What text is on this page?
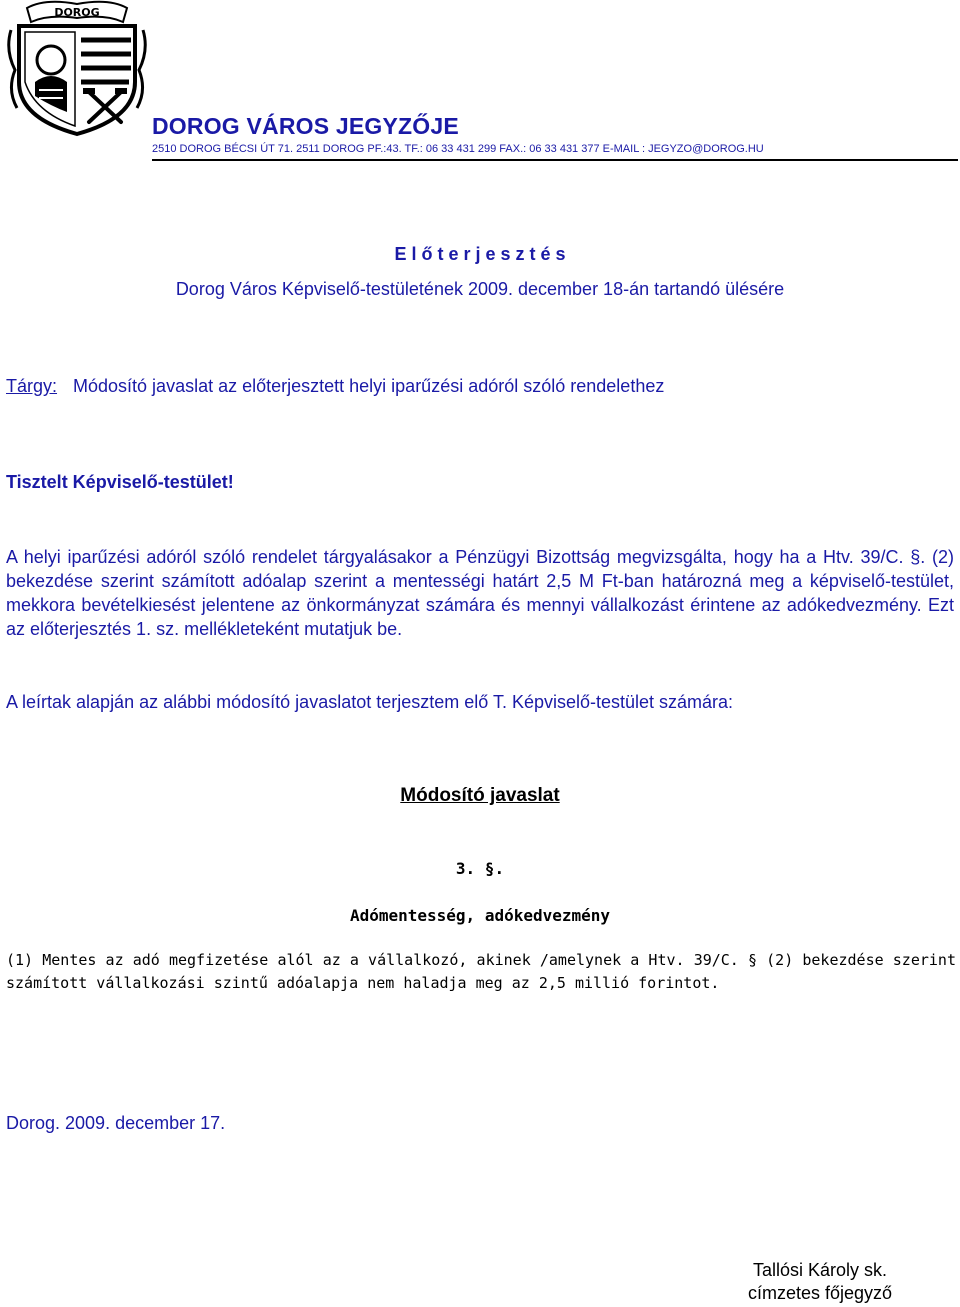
DOROG
DOROG VÁROS JEGYZŐJE
2510 DOROG BÉCSI ÚT 71. 2511 DOROG PF.:43. TF.: 06 33 431 299 FAX.: 06 33 431 377 E-MAIL : JEGYZO@DOROG.HU
E l ő t e r j e s z t é s
Dorog Város Képviselő-testületének 2009. december 18-án tartandó ülésére
Tárgy: Módosító javaslat az előterjesztett helyi iparűzési adóról szóló rendelethez
Tisztelt Képviselő-testület!
A helyi iparűzési adóról szóló rendelet tárgyalásakor a Pénzügyi Bizottság megvizsgálta, hogy ha a Htv. 39/C. §. (2) bekezdése szerint számított adóalap szerint a mentességi határt 2,5 M Ft-ban határozná meg a képviselő-testület, mekkora bevételkiesést jelentene az önkormányzat számára és mennyi vállalkozást érintene az adókedvezmény. Ezt az előterjesztés 1. sz. mellékleteként mutatjuk be.
A leírtak alapján az alábbi módosító javaslatot terjesztem elő T. Képviselő-testület számára:
Módosító javaslat
3. §.
Adómentesség, adókedvezmény
(1) Mentes az adó megfizetése alól az a vállalkozó, akinek /amelynek a Htv. 39/C. § (2) bekezdése szerint számított vállalkozási szintű adóalapja nem haladja meg az 2,5 millió forintot.
Dorog. 2009. december 17.
Tallósi Károly sk.
címzetes főjegyző
